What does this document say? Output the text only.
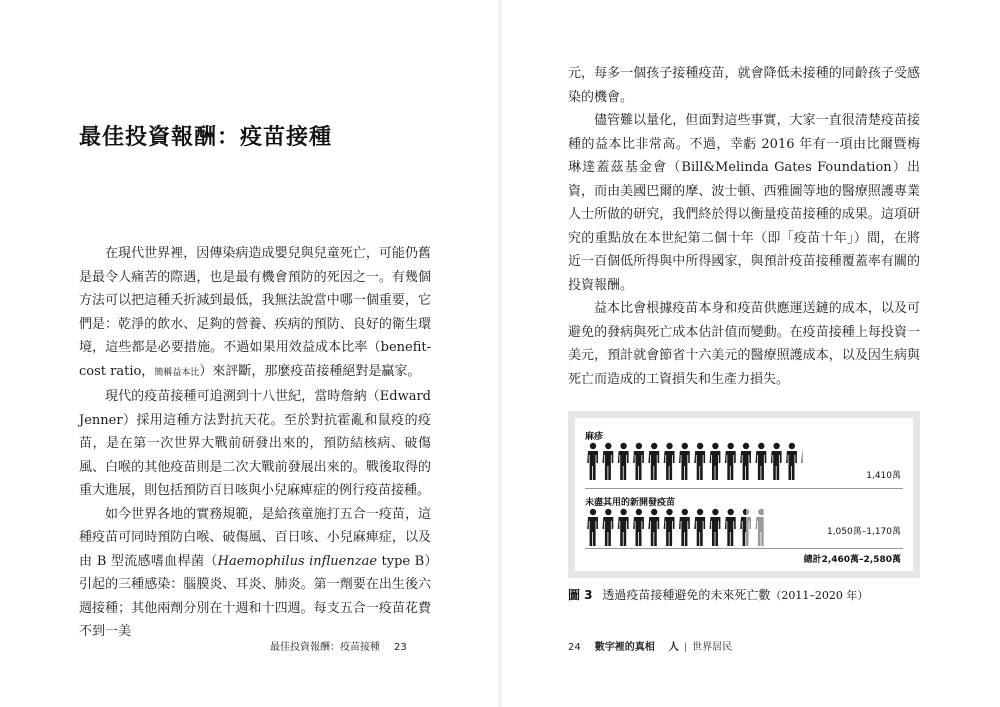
最佳投資報酬：疫苗接種

在現代世界裡，因傳染病造成嬰兒與兒童死亡，可能仍舊是最令人痛苦的際遇，也是最有機會預防的死因之一。有幾個方法可以把這種夭折減到最低，我無法說當中哪一個重要，它們是：乾淨的飲水、足夠的營養、疾病的預防、良好的衛生環境，這些都是必要措施。不過如果用效益成本比率（benefit-cost ratio，簡稱益本比）來評斷，那麼疫苗接種絕對是贏家。

現代的疫苗接種可追溯到十八世紀，當時詹納（Edward Jenner）採用這種方法對抗天花。至於對抗霍亂和鼠疫的疫苗，是在第一次世界大戰前研發出來的，預防結核病、破傷風、白喉的其他疫苗則是二次大戰前發展出來的。戰後取得的重大進展，則包括預防百日咳與小兒麻痺症的例行疫苗接種。

如今世界各地的實務規範，是給孩童施打五合一疫苗，這種疫苗可同時預防白喉、破傷風、百日咳、小兒麻痺症，以及由 B 型流感嗜血桿菌（Haemophilus influenzae type B）引起的三種感染：腦膜炎、耳炎、肺炎。第一劑要在出生後六週接種；其他兩劑分別在十週和十四週。每支五合一疫苗花費不到一美

最佳投資報酬：疫苗接種 23

元，每多一個孩子接種疫苗，就會降低未接種的同齡孩子受感染的機會。

儘管難以量化，但面對這些事實，大家一直很清楚疫苗接種的益本比非常高。不過，幸虧 2016 年有一項由比爾暨梅琳達蓋茲基金會（Bill&Melinda Gates Foundation）出資，而由美國巴爾的摩、波士頓、西雅圖等地的醫療照護專業人士所做的研究，我們終於得以衡量疫苗接種的成果。這項研究的重點放在本世紀第二個十年（即「疫苗十年」）間，在將近一百個低所得與中所得國家，與預計疫苗接種覆蓋率有關的投資報酬。

益本比會根據疫苗本身和疫苗供應運送鏈的成本，以及可避免的發病與死亡成本估計值而變動。在疫苗接種上每投資一美元，預計就會節省十六美元的醫療照護成本，以及因生病與死亡而造成的工資損失和生產力損失。

麻疹
1,410萬
未盡其用的新開發疫苗
1,050萬–1,170萬
總計2,460萬–2,580萬
圖 3 透過疫苗接種避免的未來死亡數（2011–2020 年）
24 數字裡的真相 人 | 世界居民
